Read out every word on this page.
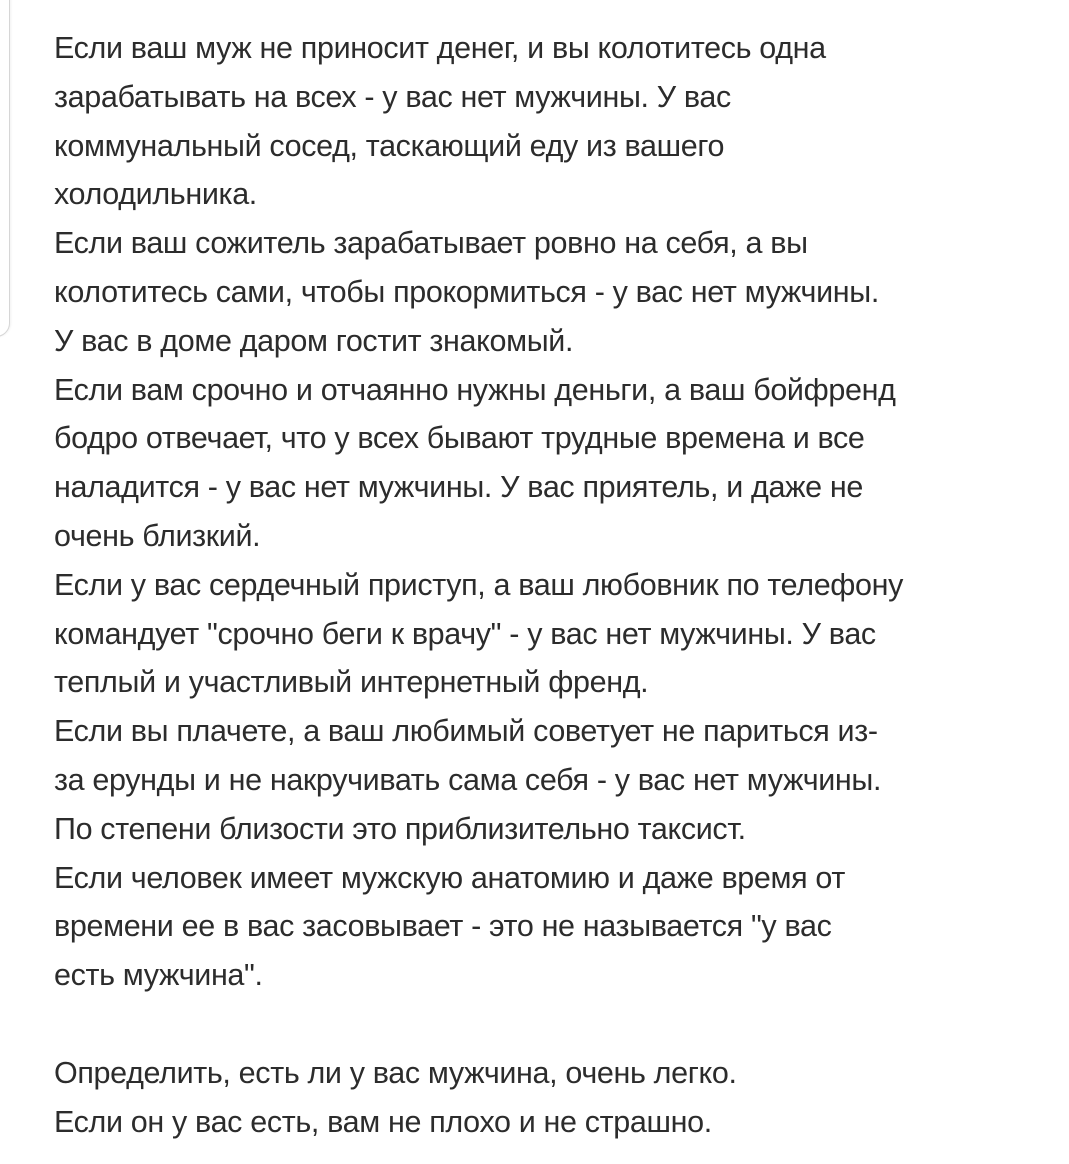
Если ваш муж не приносит денег, и вы колотитесь одна

зарабатывать на всех - у вас нет мужчины. У вас

коммунальный сосед, таскающий еду из вашего

холодильника.

Если ваш сожитель зарабатывает ровно на себя, а вы

колотитесь сами, чтобы прокормиться - у вас нет мужчины.

У вас в доме даром гостит знакомый.

Если вам срочно и отчаянно нужны деньги, а ваш бойфренд

бодро отвечает, что у всех бывают трудные времена и все

наладится - у вас нет мужчины. У вас приятель, и даже не

очень близкий.

Если у вас сердечный приступ, а ваш любовник по телефону

командует "срочно беги к врачу" - у вас нет мужчины. У вас

теплый и участливый интернетный френд.

Если вы плачете, а ваш любимый советует не париться из-

за ерунды и не накручивать сама себя - у вас нет мужчины.

По степени близости это приблизительно таксист.

Если человек имеет мужскую анатомию и даже время от

времени ее в вас засовывает - это не называется "у вас

есть мужчина".

Определить, есть ли у вас мужчина, очень легко.

Если он у вас есть, вам не плохо и не страшно.
